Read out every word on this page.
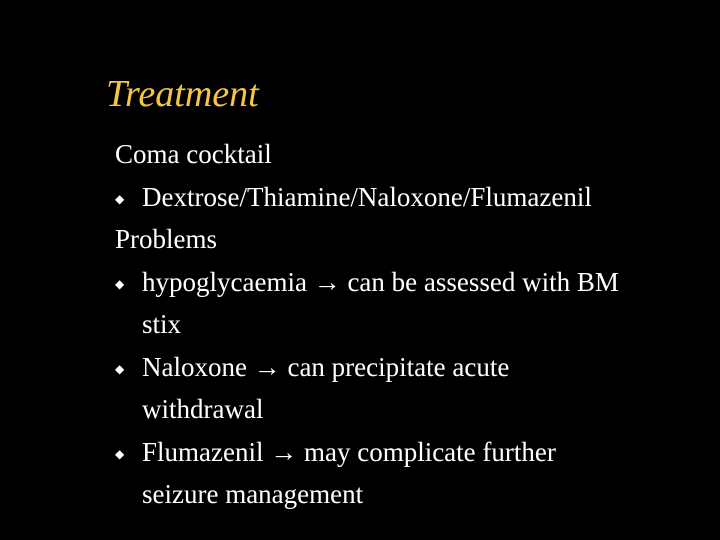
Treatment
Coma cocktail
◆ Dextrose/Thiamine/Naloxone/Flumazenil
Problems
◆ hypoglycaemia → can be assessed with BM
stix
◆ Naloxone → can precipitate acute
withdrawal
◆ Flumazenil → may complicate further
seizure management
